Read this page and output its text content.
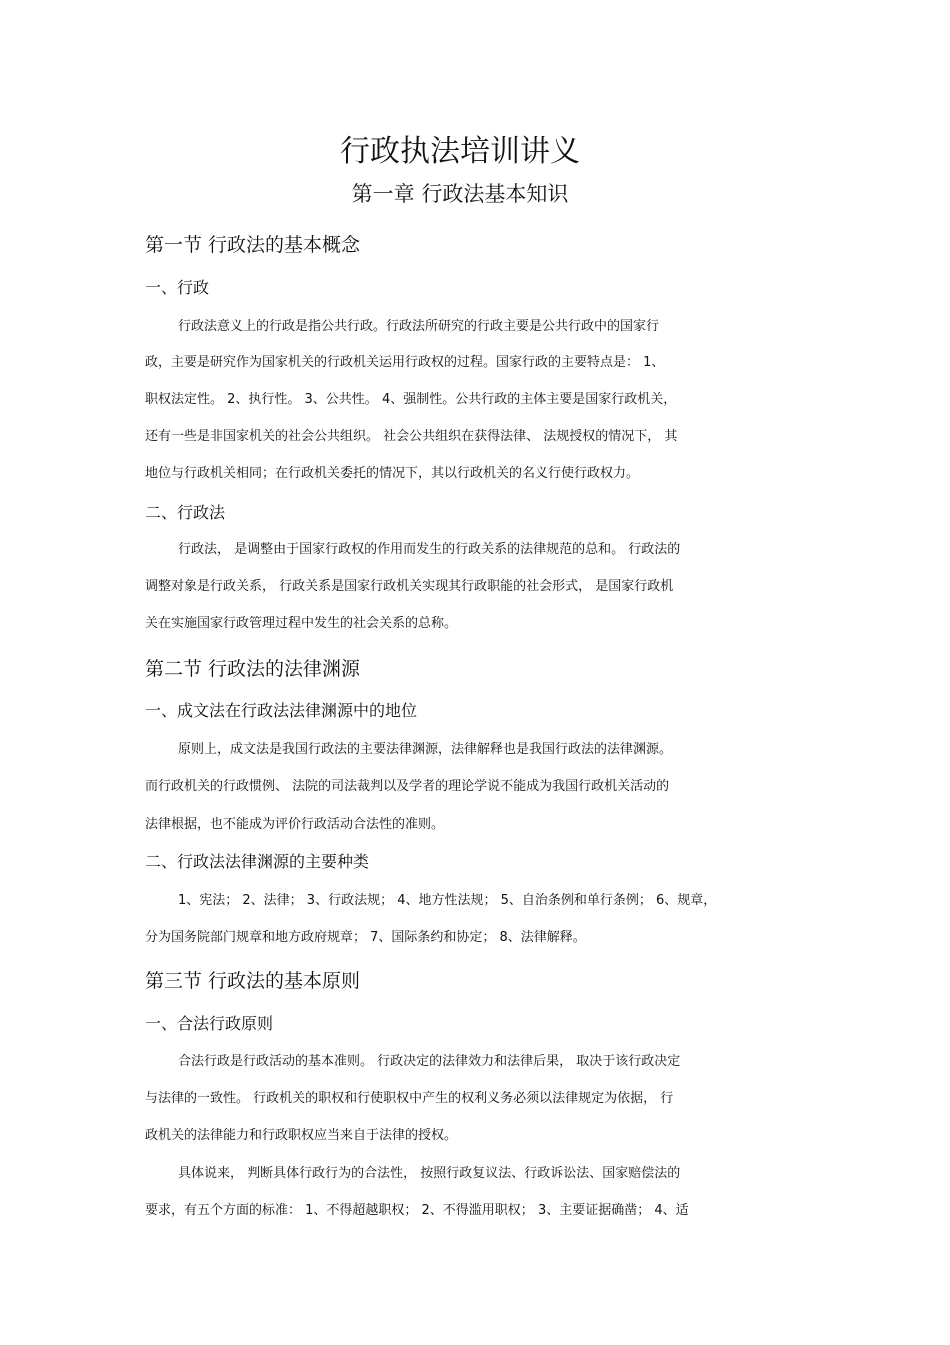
行政执法培训讲义
第一章 行政法基本知识
第一节 行政法的基本概念
一、行政
行政法意义上的行政是指公共行政。行政法所研究的行政主要是公共行政中的国家行
政，主要是研究作为国家机关的行政机关运用行政权的过程。国家行政的主要特点是： 1、
职权法定性。 2、执行性。 3、公共性。 4、强制性。公共行政的主体主要是国家行政机关，
还有一些是非国家机关的社会公共组织。 社会公共组织在获得法律、 法规授权的情况下， 其
地位与行政机关相同；在行政机关委托的情况下，其以行政机关的名义行使行政权力。
二、行政法
行政法， 是调整由于国家行政权的作用而发生的行政关系的法律规范的总和。 行政法的
调整对象是行政关系， 行政关系是国家行政机关实现其行政职能的社会形式， 是国家行政机
关在实施国家行政管理过程中发生的社会关系的总称。
第二节 行政法的法律渊源
一、成文法在行政法法律渊源中的地位
原则上，成文法是我国行政法的主要法律渊源，法律解释也是我国行政法的法律渊源。
而行政机关的行政惯例、 法院的司法裁判以及学者的理论学说不能成为我国行政机关活动的
法律根据，也不能成为评价行政活动合法性的准则。
二、行政法法律渊源的主要种类
1、宪法； 2、法律； 3、行政法规； 4、地方性法规； 5、自治条例和单行条例； 6、规章，
分为国务院部门规章和地方政府规章； 7、国际条约和协定； 8、法律解释。
第三节 行政法的基本原则
一、合法行政原则
合法行政是行政活动的基本准则。 行政决定的法律效力和法律后果， 取决于该行政决定
与法律的一致性。 行政机关的职权和行使职权中产生的权利义务必须以法律规定为依据， 行
政机关的法律能力和行政职权应当来自于法律的授权。
具体说来， 判断具体行政行为的合法性， 按照行政复议法、行政诉讼法、国家赔偿法的
要求，有五个方面的标准： 1、不得超越职权； 2、不得滥用职权； 3、主要证据确凿； 4、适
